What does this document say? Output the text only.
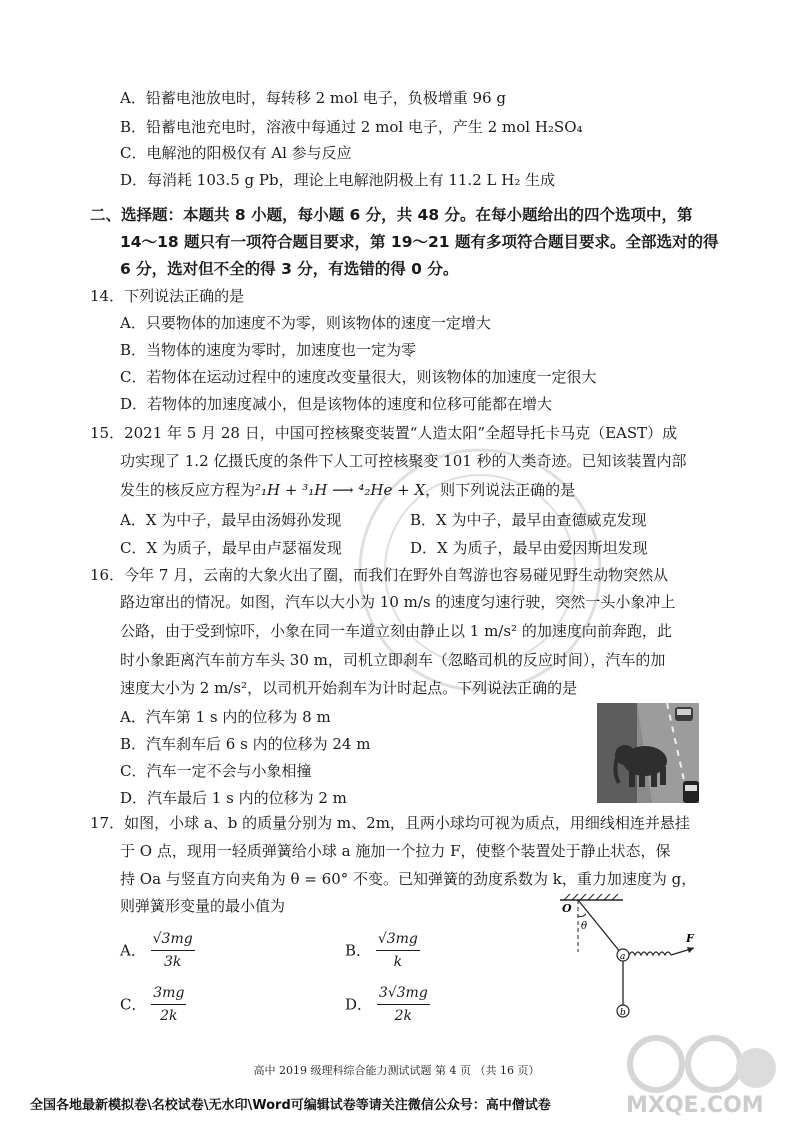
A．铅蓄电池放电时，每转移 2 mol 电子，负极增重 96 g
B．铅蓄电池充电时，溶液中每通过 2 mol 电子，产生 2 mol H₂SO₄
C．电解池的阳极仅有 Al 参与反应
D．每消耗 103.5 g Pb，理论上电解池阴极上有 11.2 L H₂ 生成
二、选择题：本题共 8 小题，每小题 6 分，共 48 分。在每小题给出的四个选项中，第
14～18 题只有一项符合题目要求，第 19～21 题有多项符合题目要求。全部选对的得
6 分，选对但不全的得 3 分，有选错的得 0 分。
14．下列说法正确的是
A．只要物体的加速度不为零，则该物体的速度一定增大
B．当物体的速度为零时，加速度也一定为零
C．若物体在运动过程中的速度改变量很大，则该物体的加速度一定很大
D．若物体的加速度减小，但是该物体的速度和位移可能都在增大
15．2021 年 5 月 28 日，中国可控核聚变装置“人造太阳”全超导托卡马克（EAST）成
功实现了 1.2 亿摄氏度的条件下人工可控核聚变 101 秒的人类奇迹。已知该装置内部
发生的核反应方程为²₁H + ³₁H ⟶ ⁴₂He + X，则下列说法正确的是
A．X 为中子，最早由汤姆孙发现	B．X 为中子，最早由查德威克发现
C．X 为质子，最早由卢瑟福发现	D．X 为质子，最早由爱因斯坦发现
16．今年 7 月，云南的大象火出了圈，而我们在野外自驾游也容易碰见野生动物突然从
路边窜出的情况。如图，汽车以大小为 10 m/s 的速度匀速行驶，突然一头小象冲上
公路，由于受到惊吓，小象在同一车道立刻由静止以 1 m/s² 的加速度向前奔跑，此
时小象距离汽车前方车头 30 m，司机立即刹车（忽略司机的反应时间），汽车的加
速度大小为 2 m/s²，以司机开始刹车为计时起点。下列说法正确的是
A．汽车第 1 s 内的位移为 8 m
B．汽车刹车后 6 s 内的位移为 24 m
C．汽车一定不会与小象相撞
D．汽车最后 1 s 内的位移为 2 m
17．如图，小球 a、b 的质量分别为 m、2m，且两小球均可视为质点，用细线相连并悬挂
于 O 点，现用一轻质弹簧给小球 a 施加一个拉力 F，使整个装置处于静止状态，保
持 Oa 与竖直方向夹角为 θ = 60° 不变。已知弹簧的劲度系数为 k，重力加速度为 g，
则弹簧形变量的最小值为
A． $\frac{√3mg}{3k}$	B． $\frac{√3mg}{k}$
C． $\frac{3mg}{2k}$	D． $\frac{3√3mg}{2k}$
O
θ
a
F
b
高中 2019 级理科综合能力测试试题 第 4 页 （共 16 页）
全国各地最新模拟卷\名校试卷\无水印\Word可编辑试卷等请关注微信公众号：高中僧试卷	MXQE.COM
